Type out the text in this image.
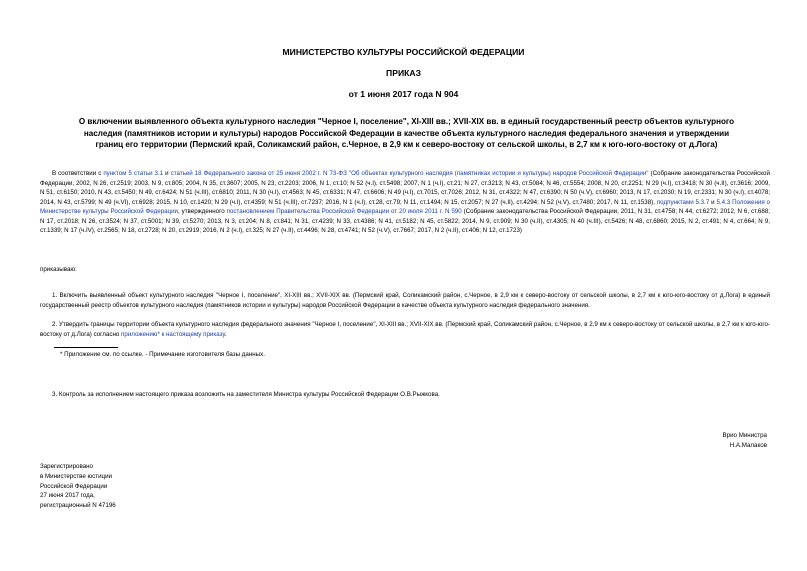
МИНИСТЕРСТВО КУЛЬТУРЫ РОССИЙСКОЙ ФЕДЕРАЦИИ
ПРИКАЗ
от 1 июня 2017 года N 904
О включении выявленного объекта культурного наследия "Черное I, поселение", XI-XIII вв.; XVII-XIX вв. в единый государственный реестр объектов культурного наследия (памятников истории и культуры) народов Российской Федерации в качестве объекта культурного наследия федерального значения и утверждении границ его территории (Пермский край, Соликамский район, с.Черное, в 2,9 км к северо-востоку от сельской школы, в 2,7 км к юго-юго-востоку от д.Лога)
В соответствии с пунктом 5 статьи 3.1 и статьей 18 Федерального закона от 25 июня 2002 г. N 73-ФЗ "Об объектах культурного наследия (памятниках истории и культуры) народов Российской Федерации" (Собрание законодательства Российской Федерации, 2002, N 26, ст.2519; 2003, N 9, ст.805; 2004, N 35, ст.3607; 2005, N 23, ст.2203; 2006, N 1, ст.10; N 52 (ч.I), ст.5498; 2007, N 1 (ч.I), ст.21; N 27, ст.3213; N 43, ст.5084; N 46, ст.5554; 2008, N 20, ст.2251; N 29 (ч.I), ст.3418; N 30 (ч.II), ст.3616; 2009, N 51, ст.6150; 2010, N 43, ст.5450; N 49, ст.6424; N 51 (ч.III), ст.6810; 2011, N 30 (ч.I), ст.4563; N 45, ст.6331; N 47, ст.6606; N 49 (ч.I), ст.7015, ст.7026; 2012, N 31, ст.4322; N 47, ст.6390; N 50 (ч.V), ст.6960; 2013, N 17, ст.2030; N 19, ст.2331; N 30 (ч.I), ст.4078; 2014, N 43, ст.5799; N 49 (ч.VI), ст.6928; 2015, N 10, ст.1420; N 29 (ч.I), ст.4359; N 51 (ч.III), ст.7237; 2016, N 1 (ч.I), ст.28, ст.79; N 11, ст.1494; N 15, ст.2057; N 27 (ч.II), ст.4294; N 52 (ч.V), ст.7480; 2017, N 11, ст.1538), подпунктами 5.3.7 и 5.4.3 Положения о Министерстве культуры Российской Федерации, утвержденного постановлением Правительства Российской Федерации от 20 июля 2011 г. N 590 (Собрание законодательства Российской Федерации, 2011, N 31, ст.4758; N 44, ст.6272; 2012, N 6, ст.688; N 17, ст.2018; N 26, ст.3524; N 37, ст.5001; N 39, ст.5270; 2013, N 3, ст.204; N 8, ст.841; N 31, ст.4239; N 33, ст.4386; N 41, ст.5182; N 45, ст.5822; 2014, N 9, ст.909; N 30 (ч.II), ст.4305; N 40 (ч.III), ст.5426; N 48, ст.6860; 2015, N 2, ст.491; N 4, ст.664; N 9, ст.1339; N 17 (ч.IV), ст.2565; N 18, ст.2728; N 20, ст.2919; 2016, N 2 (ч.I), ст.325; N 27 (ч.II), ст.4496; N 28, ст.4741; N 52 (ч.V), ст.7667; 2017, N 2 (ч.II), ст.406; N 12, ст.1723)
приказываю:
1. Включить выявленный объект культурного наследия "Черное I, поселение", XI-XIII вв.; XVII-XIX вв. (Пермский край, Соликамский район, с.Черное, в 2,9 км к северо-востоку от сельской школы, в 2,7 км к юго-юго-востоку от д.Лога) в единый государственный реестр объектов культурного наследия (памятников истории и культуры) народов Российской Федерации в качестве объекта культурного наследия федерального значения.
2. Утвердить границы территории объекта культурного наследия федерального значения "Черное I, поселение", XI-XIII вв.; XVII-XIX вв. (Пермский край, Соликамский район, с.Черное, в 2,9 км к северо-востоку от сельской школы, в 2,7 км к юго-юго-востоку от д.Лога) согласно приложению* к настоящему приказу.
* Приложение см. по ссылке. - Примечание изготовителя базы данных.
3. Контроль за исполнением настоящего приказа возложить на заместителя Министра культуры Российской Федерации О.В.Рыжкова.
Врио Министра
Н.А.Малаков
Зарегистрировано
в Министерстве юстиции
Российской Федерации
27 июня 2017 года,
регистрационный N 47196
